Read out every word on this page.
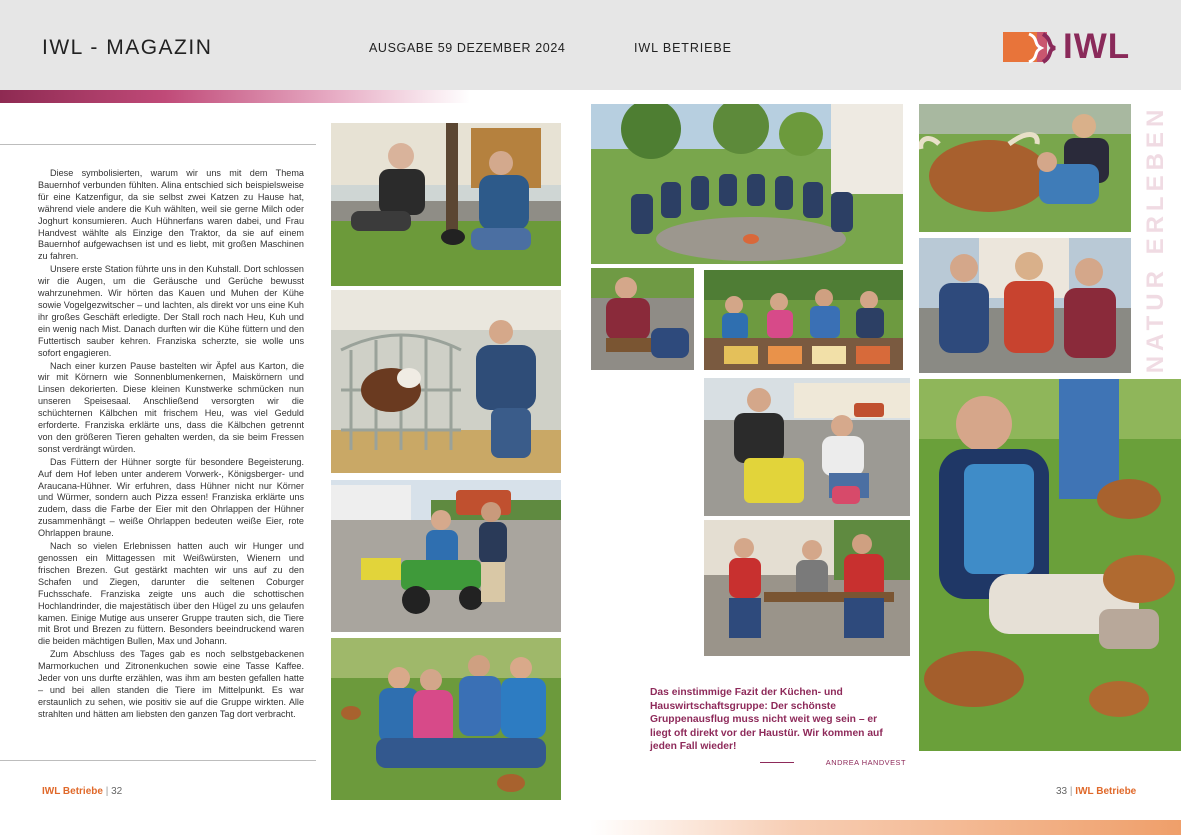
IWL - MAGAZIN	AUSGABE 59 DEZEMBER 2024	IWL BETRIEBE	IWL

Diese symbolisierten, warum wir uns mit dem Thema Bauernhof verbunden fühlten. Alina entschied sich beispielsweise für eine Katzenfigur, da sie selbst zwei Katzen zu Hause hat, während viele andere die Kuh wählten, weil sie gerne Milch oder Joghurt konsumieren. Auch Hühnerfans waren dabei, und Frau Handvest wählte als Einzige den Traktor, da sie auf einem Bauernhof aufgewachsen ist und es liebt, mit großen Maschinen zu fahren.

Unsere erste Station führte uns in den Kuhstall. Dort schlossen wir die Augen, um die Geräusche und Gerüche bewusst wahrzunehmen. Wir hörten das Kauen und Muhen der Kühe sowie Vogelgezwitscher – und lachten, als direkt vor uns eine Kuh ihr großes Geschäft erledigte. Der Stall roch nach Heu, Kuh und ein wenig nach Mist. Danach durften wir die Kühe füttern und den Futtertisch sauber kehren. Franziska scherzte, sie wolle uns sofort engagieren.

Nach einer kurzen Pause bastelten wir Äpfel aus Karton, die wir mit Körnern wie Sonnenblumenkernen, Maiskörnern und Linsen dekorierten. Diese kleinen Kunstwerke schmücken nun unseren Speisesaal. Anschließend versorgten wir die schüchternen Kälbchen mit frischem Heu, was viel Geduld erforderte. Franziska erklärte uns, dass die Kälbchen getrennt von den größeren Tieren gehalten werden, da sie beim Fressen sonst verdrängt würden.

Das Füttern der Hühner sorgte für besondere Begeisterung. Auf dem Hof leben unter anderem Vorwerk-, Königsberger- und Araucana-Hühner. Wir erfuhren, dass Hühner nicht nur Körner und Würmer, sondern auch Pizza essen! Franziska erklärte uns zudem, dass die Farbe der Eier mit den Ohrlappen der Hühner zusammenhängt – weiße Ohrlappen bedeuten weiße Eier, rote Ohrlappen braune.

Nach so vielen Erlebnissen hatten auch wir Hunger und genossen ein Mittagessen mit Weißwürsten, Wienern und frischen Brezen. Gut gestärkt machten wir uns auf zu den Schafen und Ziegen, darunter die seltenen Coburger Fuchsschafe. Franziska zeigte uns auch die schottischen Hochlandrinder, die majestätisch über den Hügel zu uns gelaufen kamen. Einige Mutige aus unserer Gruppe trauten sich, die Tiere mit Brot und Brezen zu füttern. Besonders beeindruckend waren die beiden mächtigen Bullen, Max und Johann.

Zum Abschluss des Tages gab es noch selbstgebackenen Marmorkuchen und Zitronenkuchen sowie eine Tasse Kaffee. Jeder von uns durfte erzählen, was ihm am besten gefallen hatte – und bei allen standen die Tiere im Mittelpunkt. Es war erstaunlich zu sehen, wie positiv sie auf die Gruppe wirkten. Alle strahlten und hätten am liebsten den ganzen Tag dort verbracht.

NATUR ERLEBEN
Das einstimmige Fazit der Küchen- und Hauswirtschaftsgruppe: Der schönste Gruppenausflug muss nicht weit weg sein – er liegt oft direkt vor der Haustür. Wir kommen auf jeden Fall wieder!
ANDREA HANDVEST
IWL Betriebe | 32	33 | IWL Betriebe
